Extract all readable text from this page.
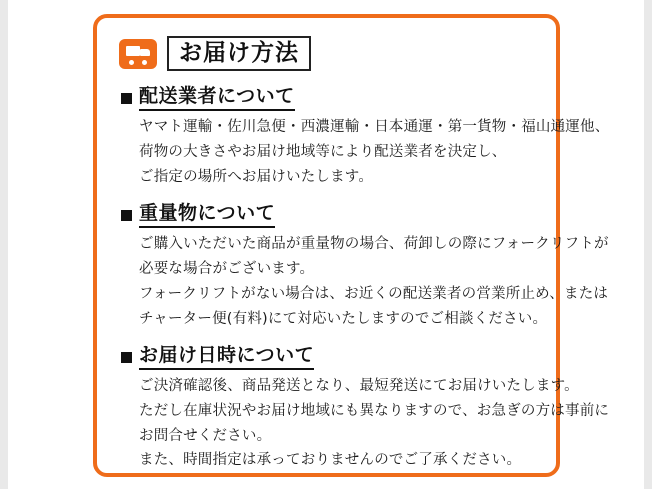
お届け方法
配送業者について

ヤマト運輸・佐川急便・西濃運輸・日本通運・第一貨物・福山通運他、

荷物の大きさやお届け地域等により配送業者を決定し、

ご指定の場所へお届けいたします。

重量物について

ご購入いただいた商品が重量物の場合、荷卸しの際にフォークリフトが

必要な場合がございます。

フォークリフトがない場合は、お近くの配送業者の営業所止め、または

チャーター便(有料)にて対応いたしますのでご相談ください。

お届け日時について

ご決済確認後、商品発送となり、最短発送にてお届けいたします。

ただし在庫状況やお届け地域にも異なりますので、お急ぎの方は事前に

お問合せください。

また、時間指定は承っておりませんのでご了承ください。
